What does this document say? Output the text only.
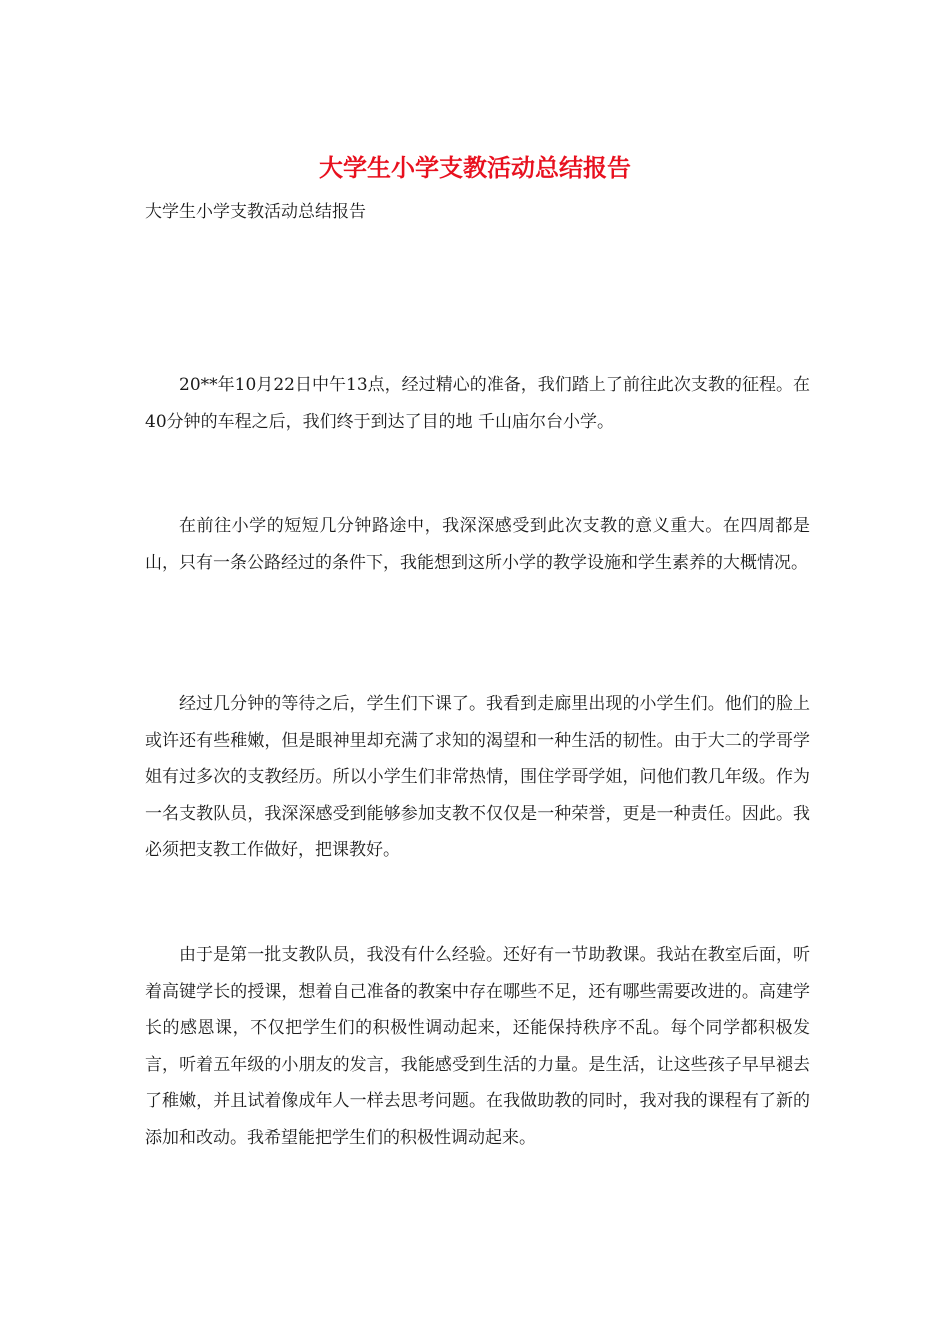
大学生小学支教活动总结报告

大学生小学支教活动总结报告

20**年10月22日中午13点，经过精心的准备，我们踏上了前往此次支教的征程。在40分钟的车程之后，我们终于到达了目的地 千山庙尔台小学。

在前往小学的短短几分钟路途中，我深深感受到此次支教的意义重大。在四周都是山，只有一条公路经过的条件下，我能想到这所小学的教学设施和学生素养的大概情况。

经过几分钟的等待之后，学生们下课了。我看到走廊里出现的小学生们。他们的脸上或许还有些稚嫩，但是眼神里却充满了求知的渴望和一种生活的韧性。由于大二的学哥学姐有过多次的支教经历。所以小学生们非常热情，围住学哥学姐，问他们教几年级。作为一名支教队员，我深深感受到能够参加支教不仅仅是一种荣誉，更是一种责任。因此。我必须把支教工作做好，把课教好。

由于是第一批支教队员，我没有什么经验。还好有一节助教课。我站在教室后面，听着高键学长的授课，想着自己准备的教案中存在哪些不足，还有哪些需要改进的。高建学长的感恩课，不仅把学生们的积极性调动起来，还能保持秩序不乱。每个同学都积极发言，听着五年级的小朋友的发言，我能感受到生活的力量。是生活，让这些孩子早早褪去了稚嫩，并且试着像成年人一样去思考问题。在我做助教的同时，我对我的课程有了新的添加和改动。我希望能把学生们的积极性调动起来。
